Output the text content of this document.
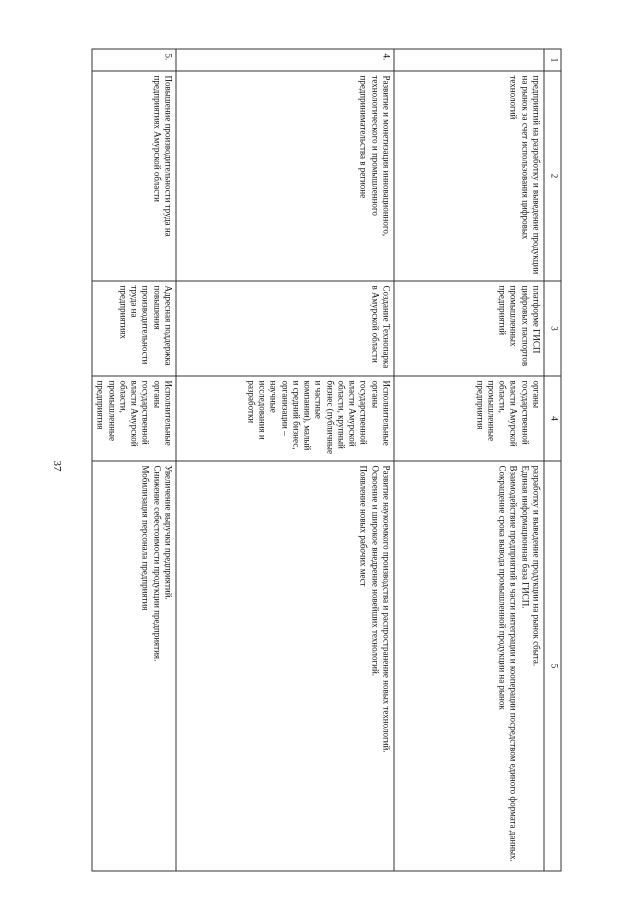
37
1	2	3	4	5
	предприятий на разработку и выведение продукции на рынок за счет использования цифровых технологий	платформе ГИСП цифровых паспортов промышленных предприятий	органы государственной власти Амурской области, промышленные предприятия	разработку и выведение продукции на рынок сбыта.
Единая информационная база ГИСП.
Взаимодействие предприятий в части интеграции и кооперации посредством единого формата данных.
Сокращение срока вывода промышленной продукции на рынок

4.	Развитие и монетизация инновационного, технологического и промышленного предпринимательства в регионе	Создание Технопарка в Амурской области	Исполнительные органы государственной власти Амурской области, крупный бизнес (публичные и частные компании), малый и средний бизнес, организации – научные исследования и разработки	Развитие наукоемкого производства и распространение новых технологий.
Освоение и широкое внедрение новейших технологий.
Появление новых рабочих мест

5.	Повышение производительности труда на предприятиях Амурской области	Адресная поддержка повышения производительности труда на предприятиях	Исполнительные органы государственной власти Амурской области, промышленные предприятия	Увеличение выручки предприятий.
Снижение себестоимости продукции предприятия.
Мобилизация персонала предприятия
